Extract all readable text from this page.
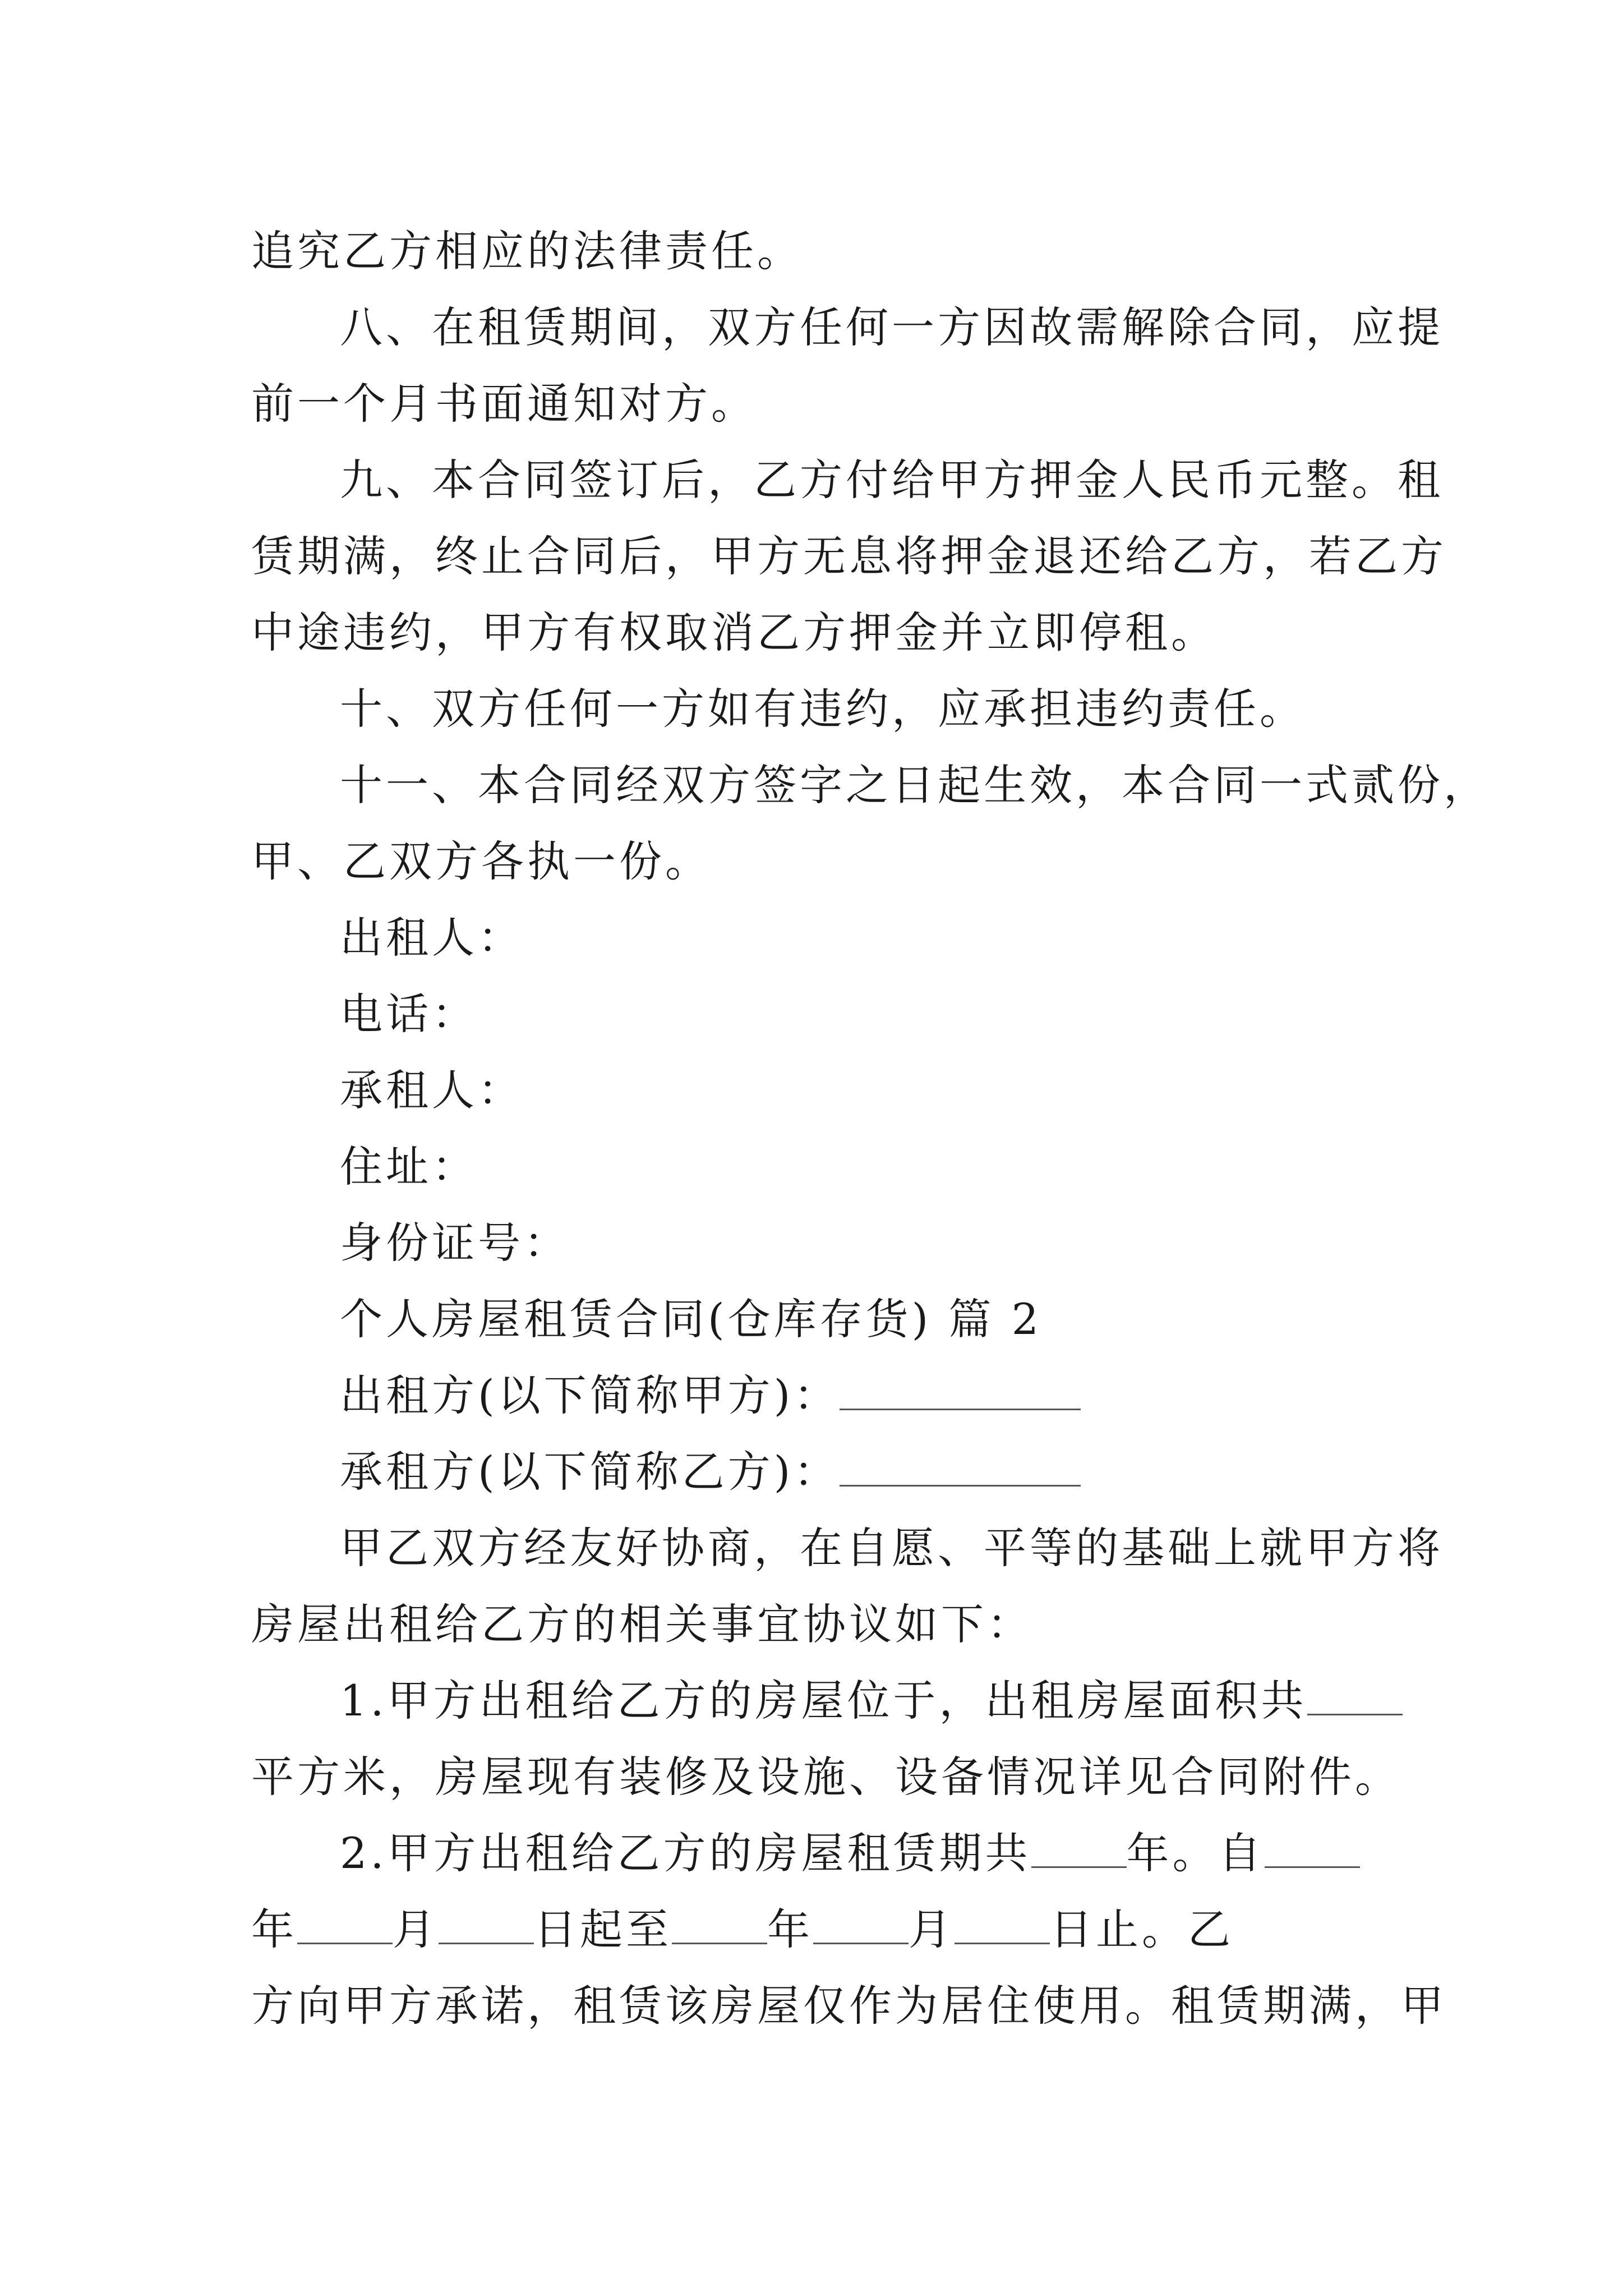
追究乙方相应的法律责任。
八、在租赁期间，双方任何一方因故需解除合同，应提
前一个月书面通知对方。
九、本合同签订后，乙方付给甲方押金人民币元整。租
赁期满，终止合同后，甲方无息将押金退还给乙方，若乙方
中途违约，甲方有权取消乙方押金并立即停租。
十、双方任何一方如有违约，应承担违约责任。
十一、本合同经双方签字之日起生效，本合同一式贰份，
甲、乙双方各执一份。
出租人：
电话：
承租人：
住址：
身份证号：
个人房屋租赁合同(仓库存货) 篇 2
出租方(以下简称甲方)：
承租方(以下简称乙方)：
甲乙双方经友好协商，在自愿、平等的基础上就甲方将
房屋出租给乙方的相关事宜协议如下：
1.甲方出租给乙方的房屋位于，出租房屋面积共
平方米，房屋现有装修及设施、设备情况详见合同附件。
2.甲方出租给乙方的房屋租赁期共 年。自
年 月 日起至 年 月 日止。乙
方向甲方承诺，租赁该房屋仅作为居住使用。租赁期满，甲
